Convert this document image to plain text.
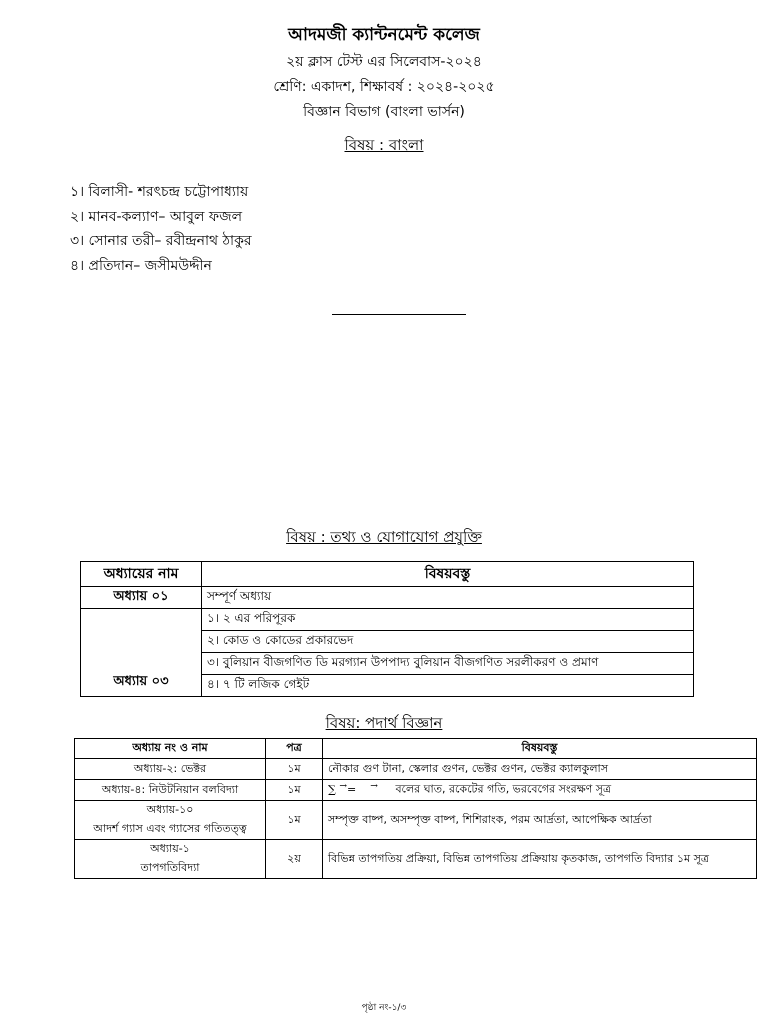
আদমজী ক্যান্টনমেন্ট কলেজ
২য় ক্লাস টেস্ট এর সিলেবাস-২০২৪
শ্রেণি: একাদশ, শিক্ষাবর্ষ : ২০২৪-২০২৫
বিজ্ঞান বিভাগ (বাংলা ভার্সন)
বিষয় : বাংলা
১। বিলাসী- শরৎচন্দ্র চট্টোপাধ্যায়
২। মানব-কল্যাণ– আবুল ফজল
৩। সোনার তরী– রবীন্দ্রনাথ ঠাকুর
৪। প্রতিদান– জসীমউদ্দীন
বিষয় : তথ্য ও যোগাযোগ প্রযুক্তি
অধ্যায়ের নাম	বিষয়বস্তু
অধ্যায় ০১	সম্পূর্ণ অধ্যায়
অধ্যায় ০৩	১। ২ এর পরিপূরক
	২। কোড ও কোডের প্রকারভেদ
	৩। বুলিয়ান বীজগণিত ডি মরগ্যান উপপাদ্য বুলিয়ান বীজগণিত সরলীকরণ ও প্রমাণ
	৪। ৭ টি লজিক গেইট
বিষয়: পদার্থ বিজ্ঞান
অধ্যায় নং ও নাম	পত্র	বিষয়বস্তু
অধ্যায়-২: ভেক্টর	১ম	নৌকার গুণ টানা, স্কেলার গুণন, ভেক্টর গুণন, ভেক্টর ক্যালকুলাস
অধ্যায়-৪: নিউটনিয়ান বলবিদ্যা	১ম	∑ →=    → বলের ঘাত, রকেটের গতি, ভরবেগের সংরক্ষণ সূত্র

অধ্যায়-১০
আদর্শ গ্যাস এবং গ্যাসের গতিতত্ত্ব	১ম	সম্পৃক্ত বাষ্প, অসম্পৃক্ত বাষ্প, শিশিরাংক, পরম আর্দ্রতা, আপেক্ষিক আর্দ্রতা

অধ্যায়-১
তাপগতিবিদ্যা	২য়	বিভিন্ন তাপগতিয় প্রক্রিয়া, বিভিন্ন তাপগতিয় প্রক্রিয়ায় কৃতকাজ, তাপগতি বিদ্যার ১ম সূত্র
পৃষ্ঠা নং-১/৩
